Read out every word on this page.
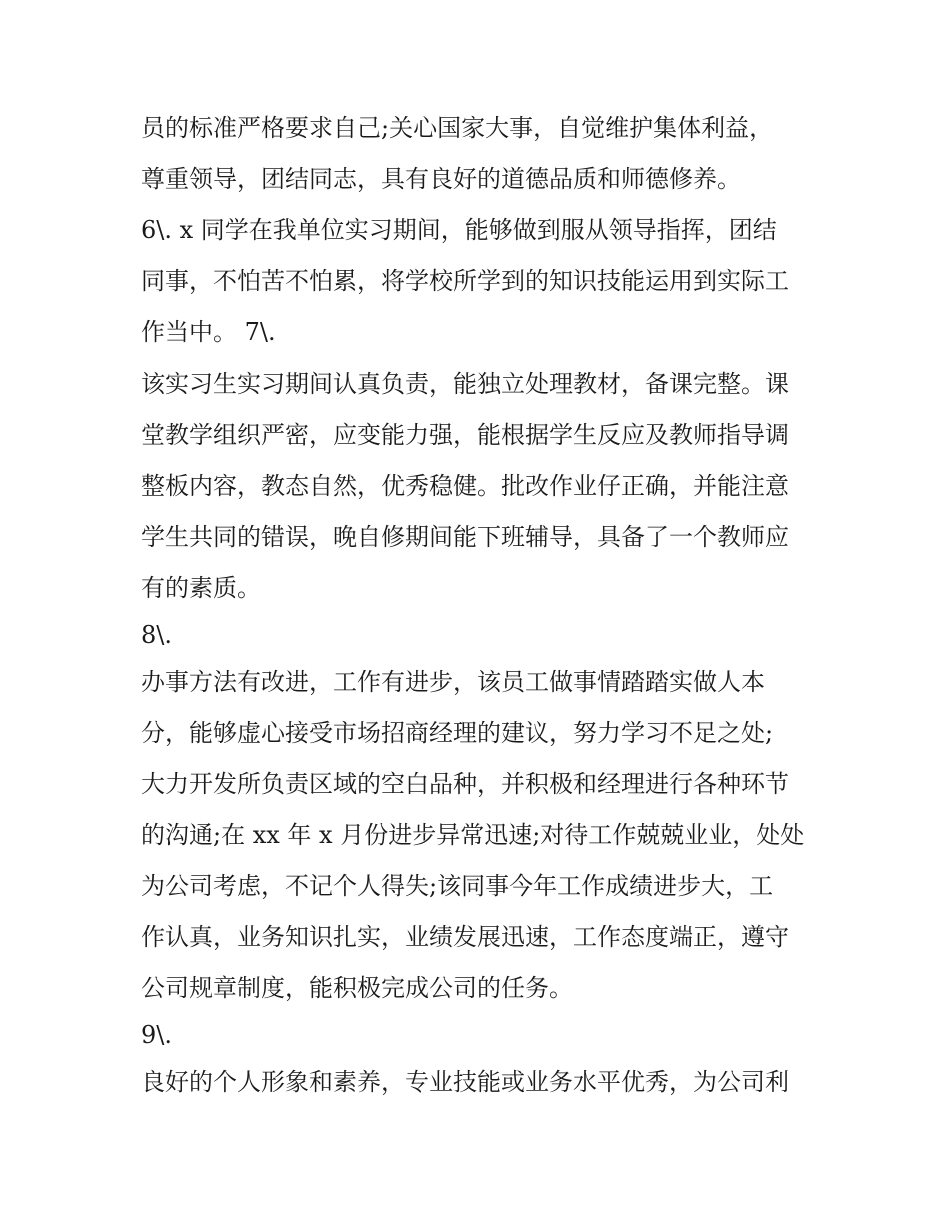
员的标准严格要求自己;关心国家大事，自觉维护集体利益，
尊重领导，团结同志，具有良好的道德品质和师德修养。
6\. x 同学在我单位实习期间，能够做到服从领导指挥，团结
同事，不怕苦不怕累，将学校所学到的知识技能运用到实际工
作当中。 7\.
该实习生实习期间认真负责，能独立处理教材，备课完整。课
堂教学组织严密，应变能力强，能根据学生反应及教师指导调
整板内容，教态自然，优秀稳健。批改作业仔正确，并能注意
学生共同的错误，晚自修期间能下班辅导，具备了一个教师应
有的素质。
8\.
办事方法有改进，工作有进步，该员工做事情踏踏实做人本
分，能够虚心接受市场招商经理的建议，努力学习不足之处;
大力开发所负责区域的空白品种，并积极和经理进行各种环节
的沟通;在 xx 年 x 月份进步异常迅速;对待工作兢兢业业，处处
为公司考虑，不记个人得失;该同事今年工作成绩进步大，工
作认真，业务知识扎实，业绩发展迅速，工作态度端正，遵守
公司规章制度，能积极完成公司的任务。
9\.
良好的个人形象和素养，专业技能或业务水平优秀，为公司利
